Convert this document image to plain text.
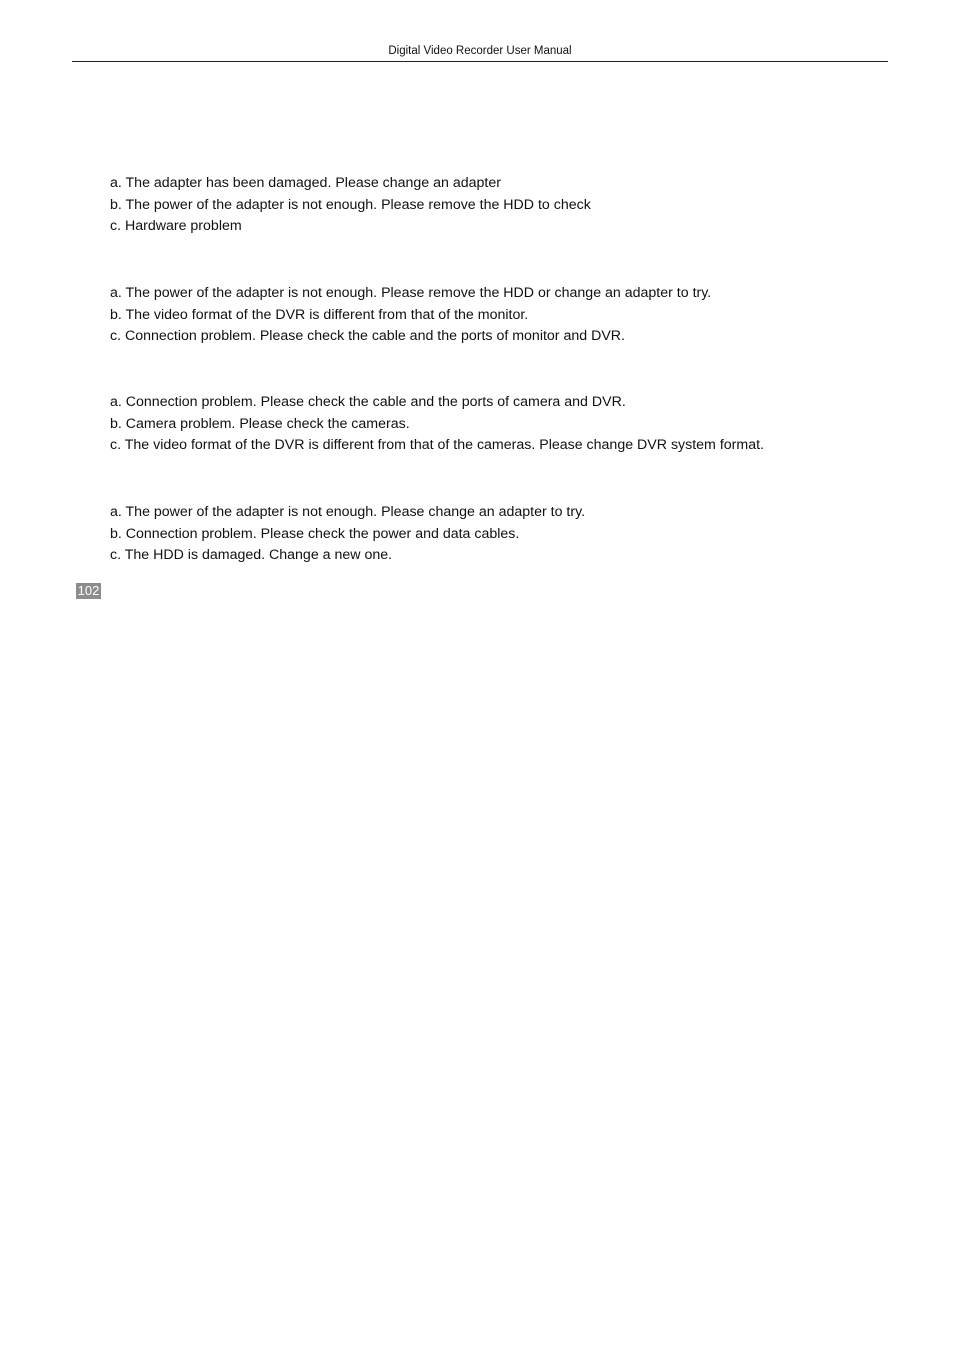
Digital Video Recorder User Manual
a. The adapter has been damaged. Please change an adapter
b. The power of the adapter is not enough. Please remove the HDD to check
c. Hardware problem
a. The power of the adapter is not enough. Please remove the HDD or change an adapter to try.
b. The video format of the DVR is different from that of the monitor.
c. Connection problem. Please check the cable and the ports of monitor and DVR.
a. Connection problem. Please check the cable and the ports of camera and DVR.
b. Camera problem. Please check the cameras.
c. The video format of the DVR is different from that of the cameras. Please change DVR system format.
a. The power of the adapter is not enough. Please change an adapter to try.
b. Connection problem. Please check the power and data cables.
c. The HDD is damaged. Change a new one.
102
